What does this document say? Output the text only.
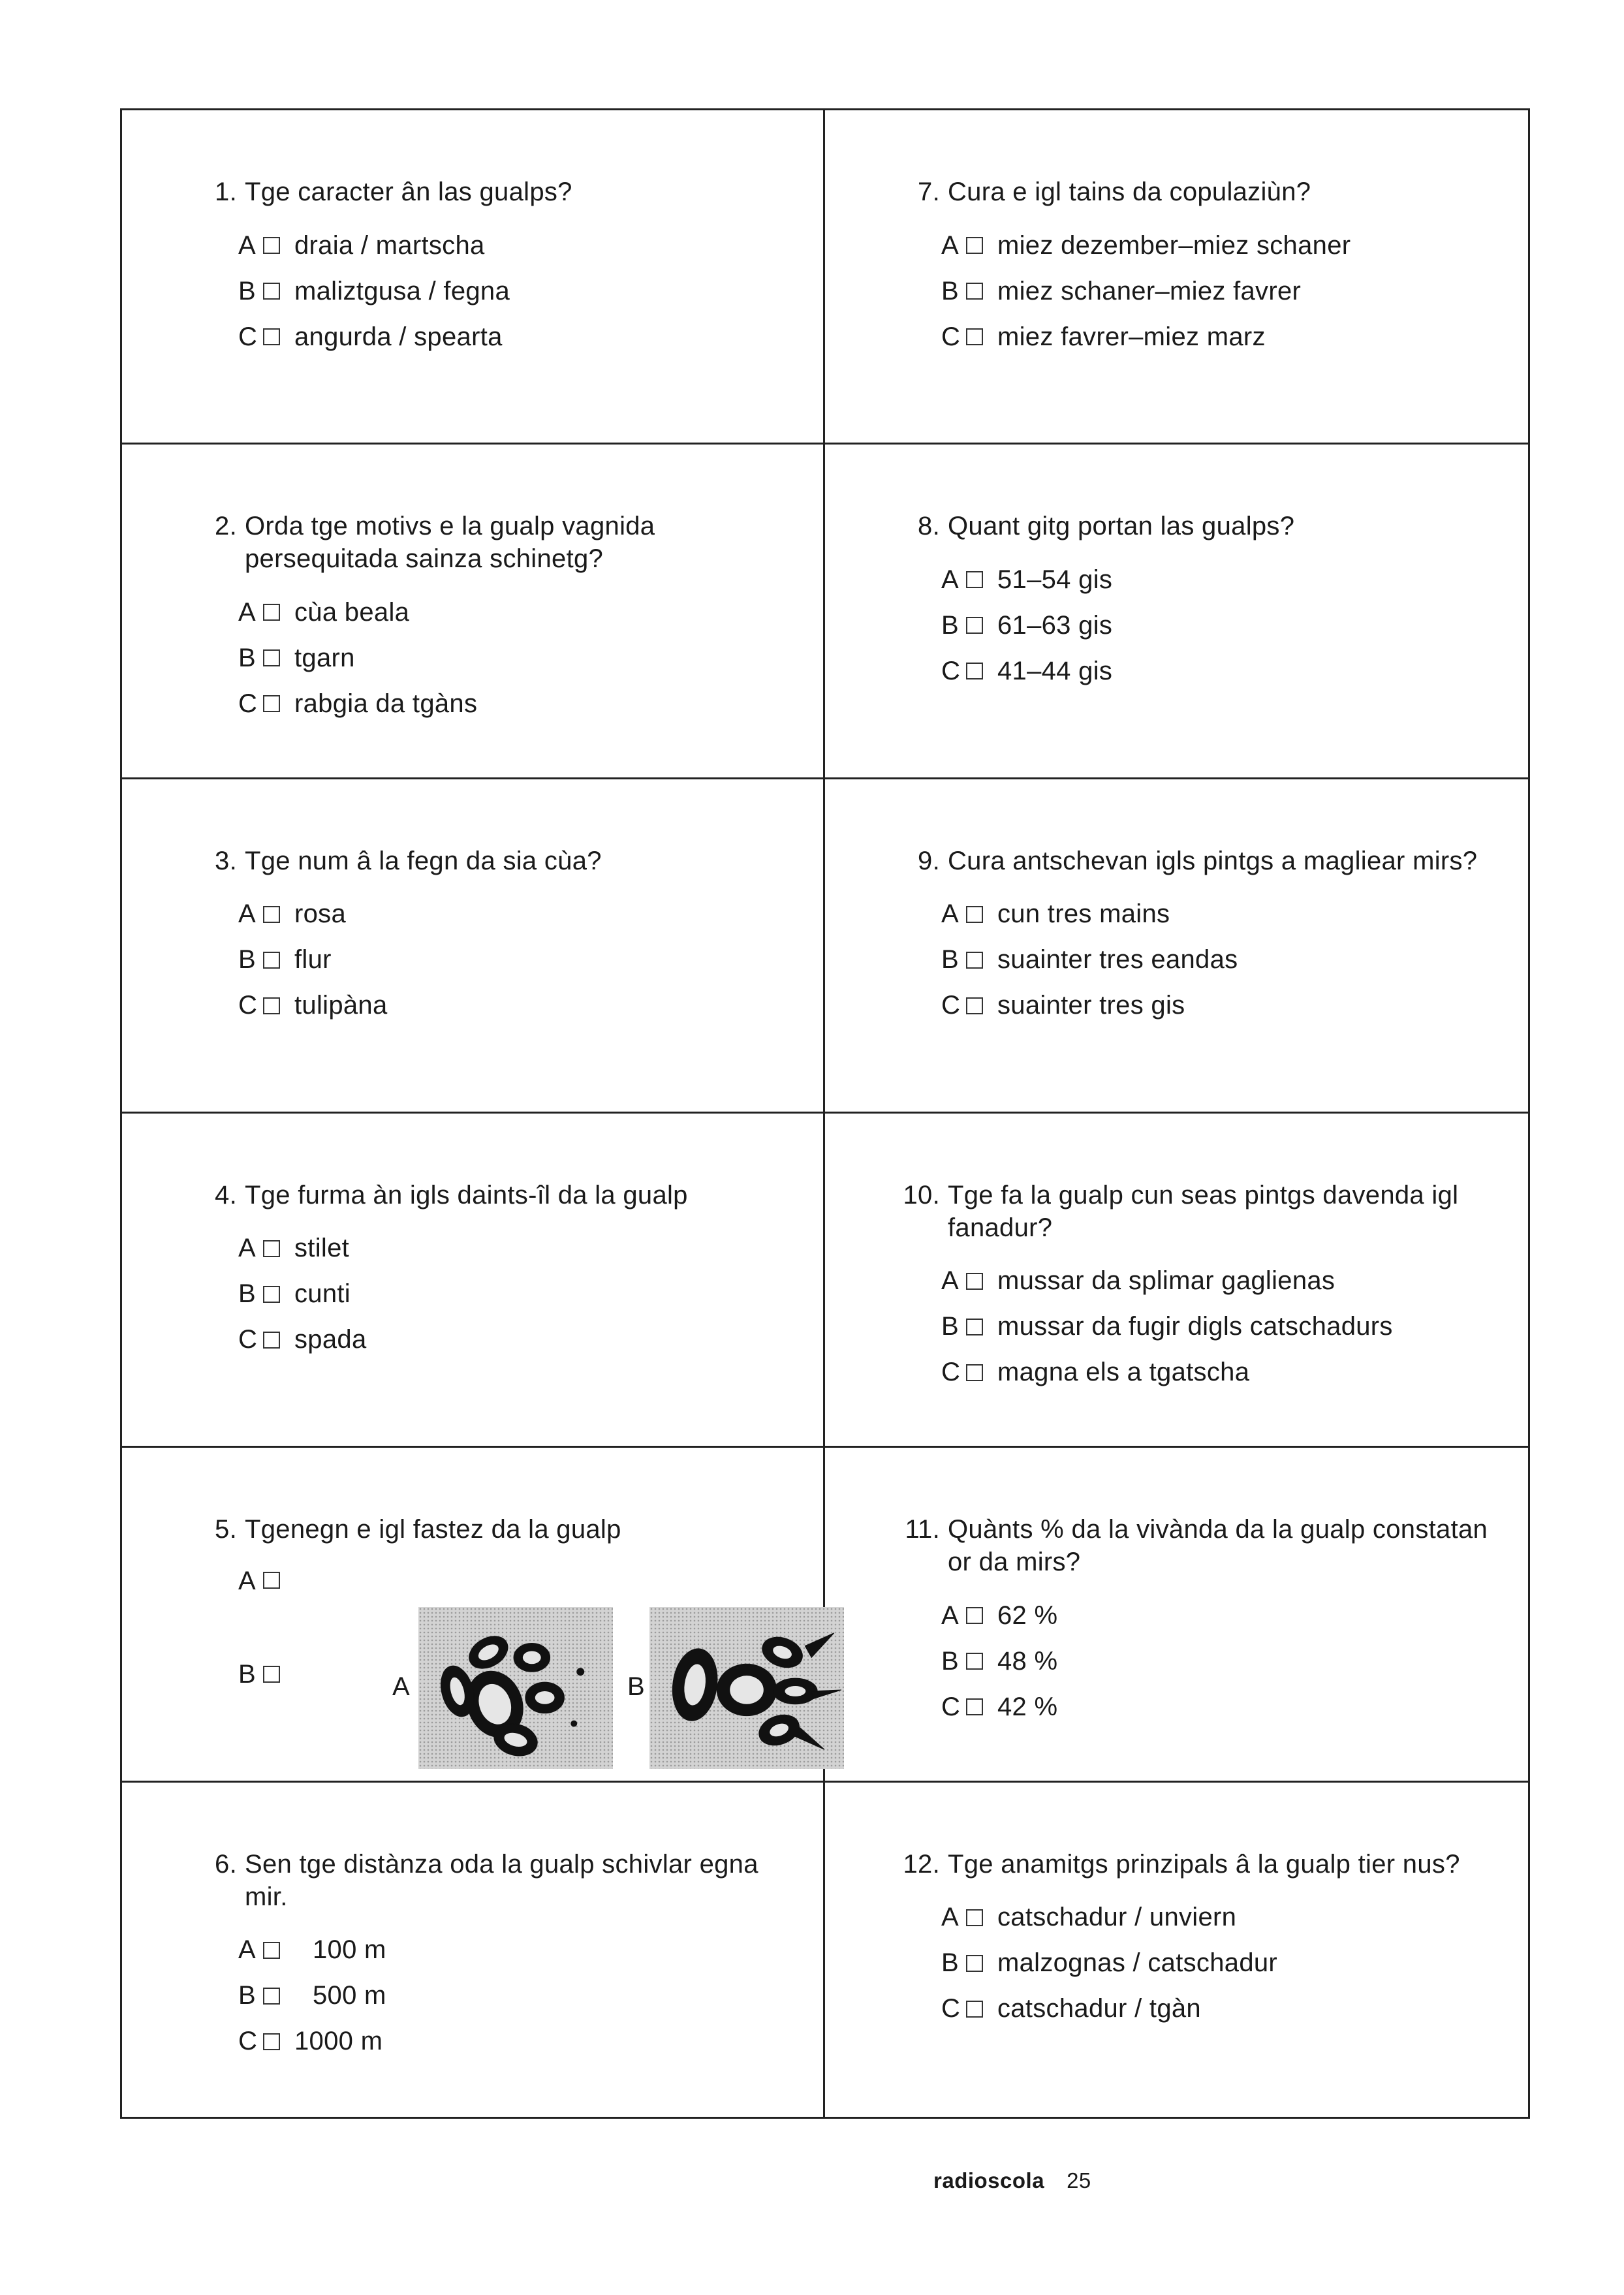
1. Tge caracter ân las gualps?
A draia / martscha
B maliztgusa / fegna
C angurda / spearta
7. Cura e igl tains da copulaziùn?
A miez dezember–miez schaner
B miez schaner–miez favrer
C miez favrer–miez marz
2. Orda tge motivs e la gualp vagnida persequitada sainza schinetg?
A cùa beala
B tgarn
C rabgia da tgàns
8. Quant gitg portan las gualps?
A 51–54 gis
B 61–63 gis
C 41–44 gis
3. Tge num â la fegn da sia cùa?
A rosa
B flur
C tulipàna
9. Cura antschevan igls pintgs a magliear mirs?
A cun tres mains
B suainter tres eandas
C suainter tres gis
4. Tge furma àn igls daints-îl da la gualp
A stilet
B cunti
C spada
10. Tge fa la gualp cun seas pintgs davenda igl fanadur?
A mussar da splimar gaglienas
B mussar da fugir digls catschadurs
C magna els a tgatscha
5. Tgenegn e igl fastez da la gualp
A
B	A	B
11. Quànts % da la vivànda da la gualp constatan or da mirs?
A 62 %
B 48 %
C 42 %
6. Sen tge distànza oda la gualp schivlar egna mir.
A	100 m
B	500 m
C 1000 m
12. Tge anamitgs prinzipals â la gualp tier nus?
A catschadur / unviern
B malzognas / catschadur
C catschadur / tgàn
radioscola 25
